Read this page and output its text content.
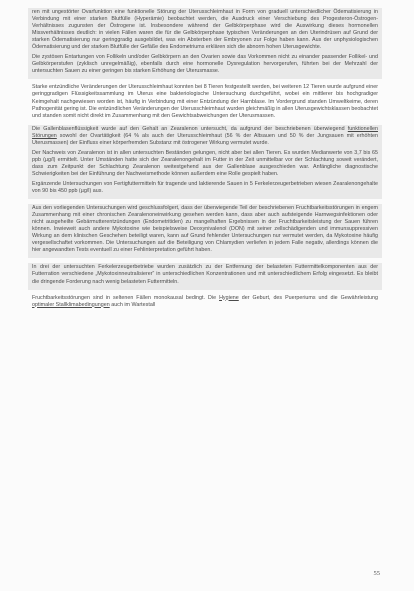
ren mit ungestörter Ovarfunktion eine funktionelle Störung der Uterusschleimhaut in Form von graduell unterschiedlicher Ödematisierung in Verbindung mit einer starken Blutfülle (Hyperämie) beobachtet werden, die Ausdruck einer Verschiebung des Progesteron-Östrogen-Verhältnisses zugunsten der Östrogene ist. Insbesondere während der Gelbkörperphase wird die Auswirkung dieses hormonellen Missverhältnisses deutlich: in vielen Fällen waren die für die Gelbkörperphase typischen Veränderungen an den Uterindrüsen auf Grund der starken Ödematisierung nur geringgradig ausgebildet, was ein Absterben der Embryonen zur Folge haben kann. Aus der unphysiologischen Ödematisierung und der starken Blutfülle der Gefäße des Endometriums erklären sich die abnorm hohen Uterusgewichte.

Die zystösen Entartungen von Follikeln und/oder Gelbkörpern an den Ovarien sowie das Vorkommen nicht zu einander passender Follikel- und Gelbkörperstufen (zyklisch unregelmäßig), ebenfalls durch eine hormonelle Dysregulation hervorgerufen, führten bei der Mehrzahl der untersuchten Sauen zu einer geringen bis starken Erhöhung der Uterusmasse.

Starke entzündliche Veränderungen der Uterusschleimhaut konnten bei 8 Tieren festgestellt werden, bei weiteren 12 Tieren wurde aufgrund einer geringgradigen Flüssigkeitssammlung im Uterus eine bakteriologische Untersuchung durchgeführt, wobei ein mittlerer bis hochgradiger Keimgehalt nachgewiesen worden ist, häufig in Verbindung mit einer Entzündung der Harnblase. Im Vordergrund standen Umweltkeime, deren Pathogenität gering ist. Die entzündlichen Veränderungen der Uterusschleimhaut wurden gleichmäßig in allen Uterusgewichtsklassen beobachtet und standen somit nicht direkt im Zusammenhang mit den Gewichtsabweichungen der Uterusmassen.

Die Gallenblasenflüssigkeit wurde auf den Gehalt an Zearalenon untersucht, da aufgrund der beschriebenen überwiegend funktionellen Störungen sowohl der Ovartätigkeit (64 % als auch der Uterusschleimhaut (56 % der Altsauen und 50 % der Jungsauen mit erhöhten Uterusmassen) der Einfluss einer körperfremden Substanz mit östrogener Wirkung vermutet wurde.

Der Nachweis von Zearalenon ist in allen untersuchten Beständen gelungen, nicht aber bei allen Tieren. Es wurden Medianwerte von 3,7 bis 65 ppb (µg/l) ermittelt. Unter Umständen hatte sich der Zearalenongehalt im Futter in der Zeit unmittelbar vor der Schlachtung soweit verändert, dass zum Zeitpunkt der Schlachtung Zearalenon weitestgehend aus der Gallenblase ausgeschieden war. Anfängliche diagnostische Schwierigkeiten bei der Einführung der Nachweismethode können außerdem eine Rolle gespielt haben.

Ergänzende Untersuchungen von Fertigfuttermitteln für tragende und laktierende Sauen in 5 Ferkelerzeugerbetrieben wiesen Zearalenongehalte von 90 bis 450 ppb (µg/l) aus.

Aus den vorliegenden Untersuchungen wird geschlussfolgert, dass der überwiegende Teil der beschriebenen Fruchtbarkeitsstörungen in engem Zusammenhang mit einer chronischen Zearalenoneinwirkung gesehen werden kann, dass aber auch aufsteigende Harnwegsinfektionen oder nicht ausgeheilte Gebärmutterentzündungen (Endometritiden) zu mangelhaften Ergebnissen in der Fruchtbarkeitsleistung der Sauen führen können. Inwieweit auch andere Mykotoxine wie beispielsweise Deoxynivalenol (DON) mit seiner zellschädigenden und immunsuppressiven Wirkung an dem klinischen Geschehen beteiligt waren, kann auf Grund fehlender Untersuchungen nur vermutet werden, da Mykotoxine häufig vergesellschaftet vorkommen. Die Untersuchungen auf die Beteiligung von Chlamydien verliefen in jedem Falle negativ, allerdings können die hier angewandten Tests eventuell zu einer Fehlinterpretation geführt haben.

In drei der untersuchten Ferkelerzeugerbetriebe wurden zusätzlich zu der Entfernung der belasteten Futtermittelkomponenten aus der Futterration verschiedene „Mykotoxinneutralisierer“ in unterschiedlichen Konzentrationen und mit unterschiedlichem Erfolg eingesetzt. Es bleibt die dringende Forderung nach wenig belasteten Futtermitteln.

Fruchtbarkeitsstörungen sind in seltenen Fällen monokausal bedingt. Die Hygiene der Geburt, des Puerperiums und die Gewährleistung optimaler Stallklimabedingungen auch im Wartestall

55
